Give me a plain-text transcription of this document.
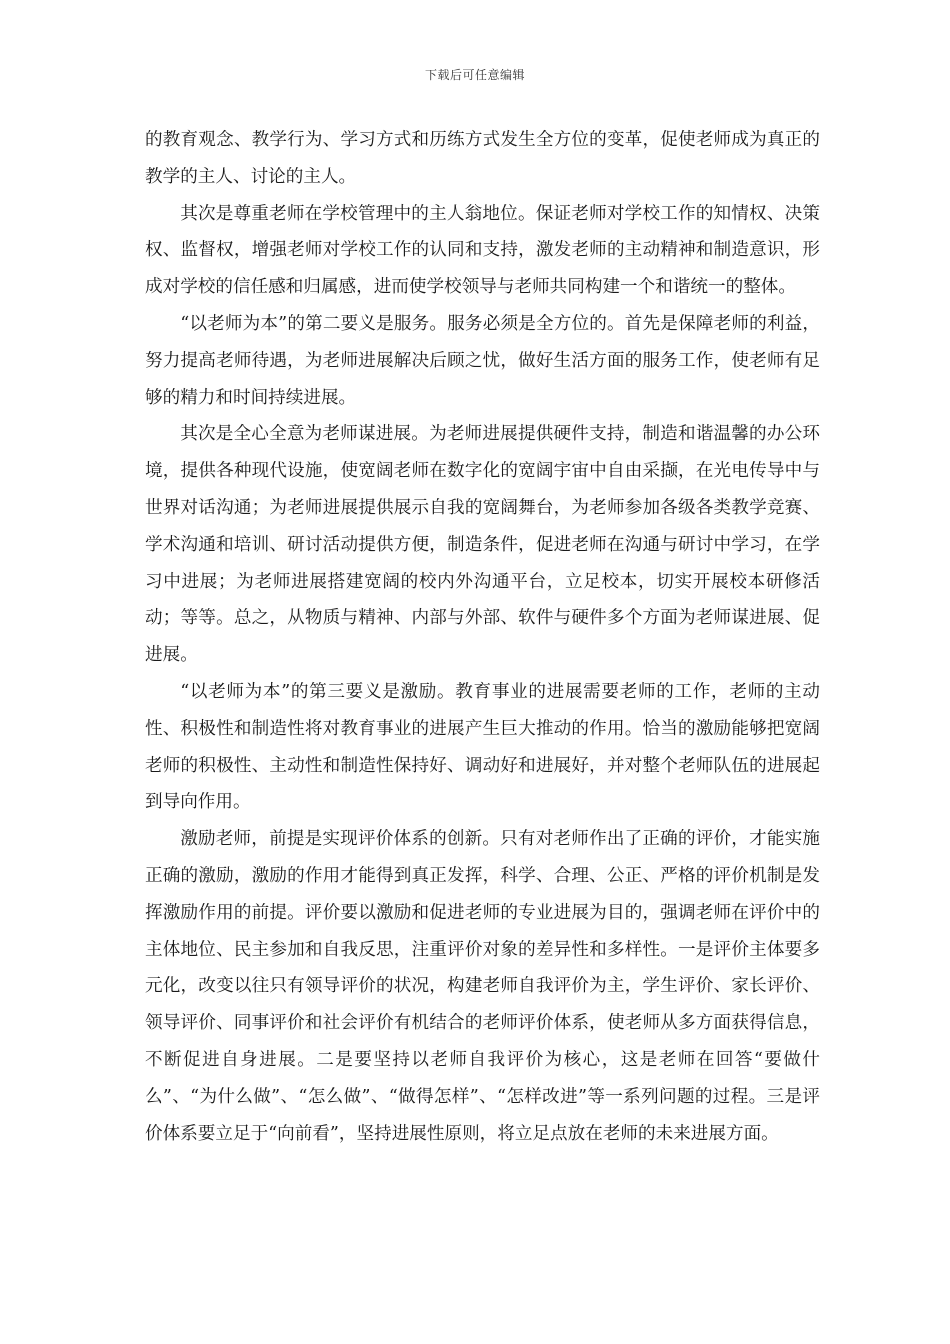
下载后可任意编辑

的教育观念、教学行为、学习方式和历练方式发生全方位的变革，促使老师成为真正的教学的主人、讨论的主人。

其次是尊重老师在学校管理中的主人翁地位。保证老师对学校工作的知情权、决策权、监督权，增强老师对学校工作的认同和支持，激发老师的主动精神和制造意识，形成对学校的信任感和归属感，进而使学校领导与老师共同构建一个和谐统一的整体。

“以老师为本”的第二要义是服务。服务必须是全方位的。首先是保障老师的利益，努力提高老师待遇，为老师进展解决后顾之忧，做好生活方面的服务工作，使老师有足够的精力和时间持续进展。

其次是全心全意为老师谋进展。为老师进展提供硬件支持，制造和谐温馨的办公环境，提供各种现代设施，使宽阔老师在数字化的宽阔宇宙中自由采撷，在光电传导中与世界对话沟通；为老师进展提供展示自我的宽阔舞台，为老师参加各级各类教学竞赛、学术沟通和培训、研讨活动提供方便，制造条件，促进老师在沟通与研讨中学习，在学习中进展；为老师进展搭建宽阔的校内外沟通平台，立足校本，切实开展校本研修活动；等等。总之，从物质与精神、内部与外部、软件与硬件多个方面为老师谋进展、促进展。

“以老师为本”的第三要义是激励。教育事业的进展需要老师的工作，老师的主动性、积极性和制造性将对教育事业的进展产生巨大推动的作用。恰当的激励能够把宽阔老师的积极性、主动性和制造性保持好、调动好和进展好，并对整个老师队伍的进展起到导向作用。

激励老师，前提是实现评价体系的创新。只有对老师作出了正确的评价，才能实施正确的激励，激励的作用才能得到真正发挥，科学、合理、公正、严格的评价机制是发挥激励作用的前提。评价要以激励和促进老师的专业进展为目的，强调老师在评价中的主体地位、民主参加和自我反思，注重评价对象的差异性和多样性。一是评价主体要多元化，改变以往只有领导评价的状况，构建老师自我评价为主，学生评价、家长评价、领导评价、同事评价和社会评价有机结合的老师评价体系，使老师从多方面获得信息，不断促进自身进展。二是要坚持以老师自我评价为核心，这是老师在回答“要做什么”、“为什么做”、“怎么做”、“做得怎样”、“怎样改进”等一系列问题的过程。三是评价体系要立足于“向前看”，坚持进展性原则，将立足点放在老师的未来进展方面。
